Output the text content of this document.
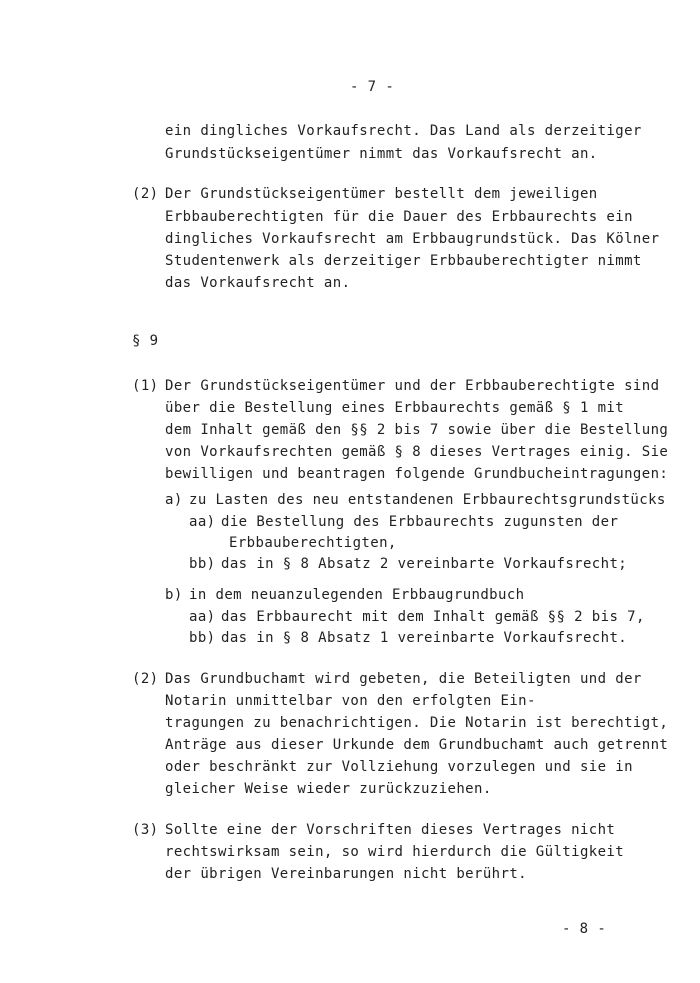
- 7 -
ein dingliches Vorkaufsrecht. Das Land als derzeitiger
Grundstückseigentümer nimmt das Vorkaufsrecht an.
(2) Der Grundstückseigentümer bestellt dem jeweiligen
Erbbauberechtigten für die Dauer des Erbbaurechts ein
dingliches Vorkaufsrecht am Erbbaugrundstück. Das Kölner
Studentenwerk als derzeitiger Erbbauberechtigter nimmt
das Vorkaufsrecht an.
§ 9
(1) Der Grundstückseigentümer und der Erbbauberechtigte sind
über die Bestellung eines Erbbaurechts gemäß § 1 mit
dem Inhalt gemäß den §§ 2 bis 7 sowie über die Bestellung
von Vorkaufsrechten gemäß § 8 dieses Vertrages einig. Sie
bewilligen und beantragen folgende Grundbucheintragungen:
a) zu Lasten des neu entstandenen Erbbaurechtsgrundstücks
aa) die Bestellung des Erbbaurechts zugunsten der
Erbbauberechtigten,
bb) das in § 8 Absatz 2 vereinbarte Vorkaufsrecht;
b) in dem neuanzulegenden Erbbaugrundbuch
aa) das Erbbaurecht mit dem Inhalt gemäß §§ 2 bis 7,
bb) das in § 8 Absatz 1 vereinbarte Vorkaufsrecht.
(2) Das Grundbuchamt wird gebeten, die Beteiligten und der
Notarin unmittelbar von den erfolgten Ein-
tragungen zu benachrichtigen. Die Notarin ist berechtigt,
Anträge aus dieser Urkunde dem Grundbuchamt auch getrennt
oder beschränkt zur Vollziehung vorzulegen und sie in
gleicher Weise wieder zurückzuziehen.
(3) Sollte eine der Vorschriften dieses Vertrages nicht
rechtswirksam sein, so wird hierdurch die Gültigkeit
der übrigen Vereinbarungen nicht berührt.
- 8 -
